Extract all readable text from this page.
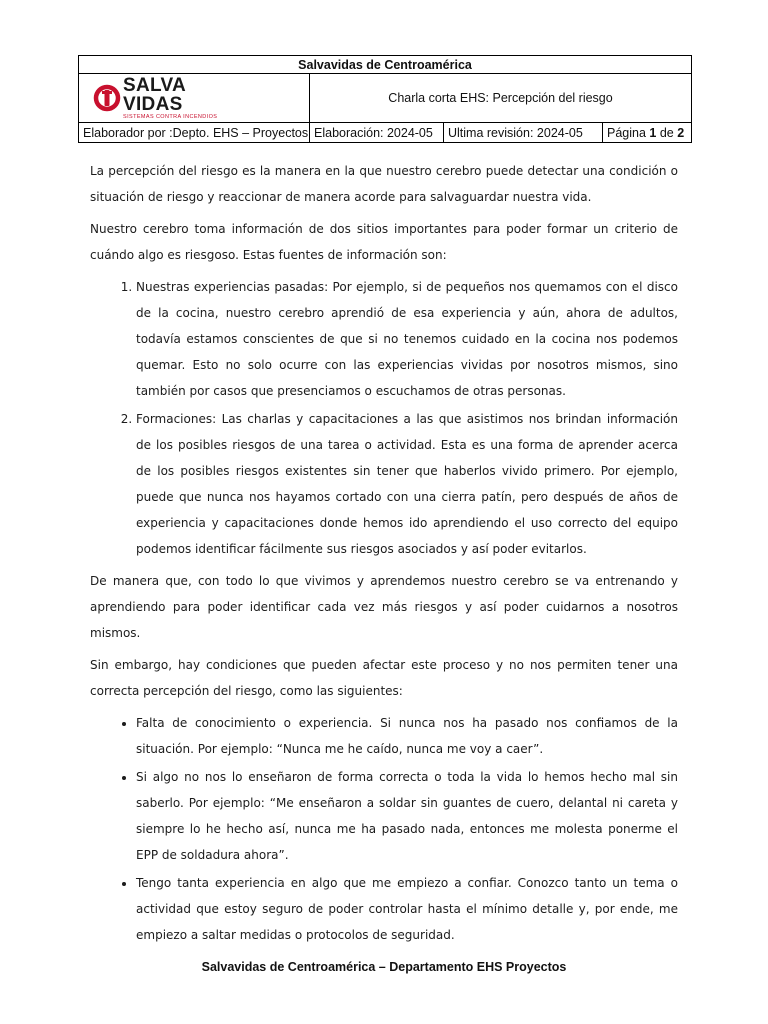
Salvavidas de Centroamérica			

SALVA
VIDAS
SISTEMAS CONTRA INCENDIOS	Charla corta EHS: Percepción del riesgo		
Elaborador por :Depto. EHS – Proyectos	Elaboración: 2024-05	Ultima revisión: 2024-05	Página 1 de 2

La percepción del riesgo es la manera en la que nuestro cerebro puede detectar una condición o situación de riesgo y reaccionar de manera acorde para salvaguardar nuestra vida.

Nuestro cerebro toma información de dos sitios importantes para poder formar un criterio de cuándo algo es riesgoso. Estas fuentes de información son:

1. Nuestras experiencias pasadas: Por ejemplo, si de pequeños nos quemamos con el disco de la cocina, nuestro cerebro aprendió de esa experiencia y aún, ahora de adultos, todavía estamos conscientes de que si no tenemos cuidado en la cocina nos podemos quemar. Esto no solo ocurre con las experiencias vividas por nosotros mismos, sino también por casos que presenciamos o escuchamos de otras personas.
2. Formaciones: Las charlas y capacitaciones a las que asistimos nos brindan información de los posibles riesgos de una tarea o actividad. Esta es una forma de aprender acerca de los posibles riesgos existentes sin tener que haberlos vivido primero. Por ejemplo, puede que nunca nos hayamos cortado con una cierra patín, pero después de años de experiencia y capacitaciones donde hemos ido aprendiendo el uso correcto del equipo podemos identificar fácilmente sus riesgos asociados y así poder evitarlos.

De manera que, con todo lo que vivimos y aprendemos nuestro cerebro se va entrenando y aprendiendo para poder identificar cada vez más riesgos y así poder cuidarnos a nosotros mismos.

Sin embargo, hay condiciones que pueden afectar este proceso y no nos permiten tener una correcta percepción del riesgo, como las siguientes:

• Falta de conocimiento o experiencia. Si nunca nos ha pasado nos confiamos de la situación. Por ejemplo: “Nunca me he caído, nunca me voy a caer”.
• Si algo no nos lo enseñaron de forma correcta o toda la vida lo hemos hecho mal sin saberlo. Por ejemplo: “Me enseñaron a soldar sin guantes de cuero, delantal ni careta y siempre lo he hecho así, nunca me ha pasado nada, entonces me molesta ponerme el EPP de soldadura ahora”.
• Tengo tanta experiencia en algo que me empiezo a confiar. Conozco tanto un tema o actividad que estoy seguro de poder controlar hasta el mínimo detalle y, por ende, me empiezo a saltar medidas o protocolos de seguridad.
Salvavidas de Centroamérica – Departamento EHS Proyectos
